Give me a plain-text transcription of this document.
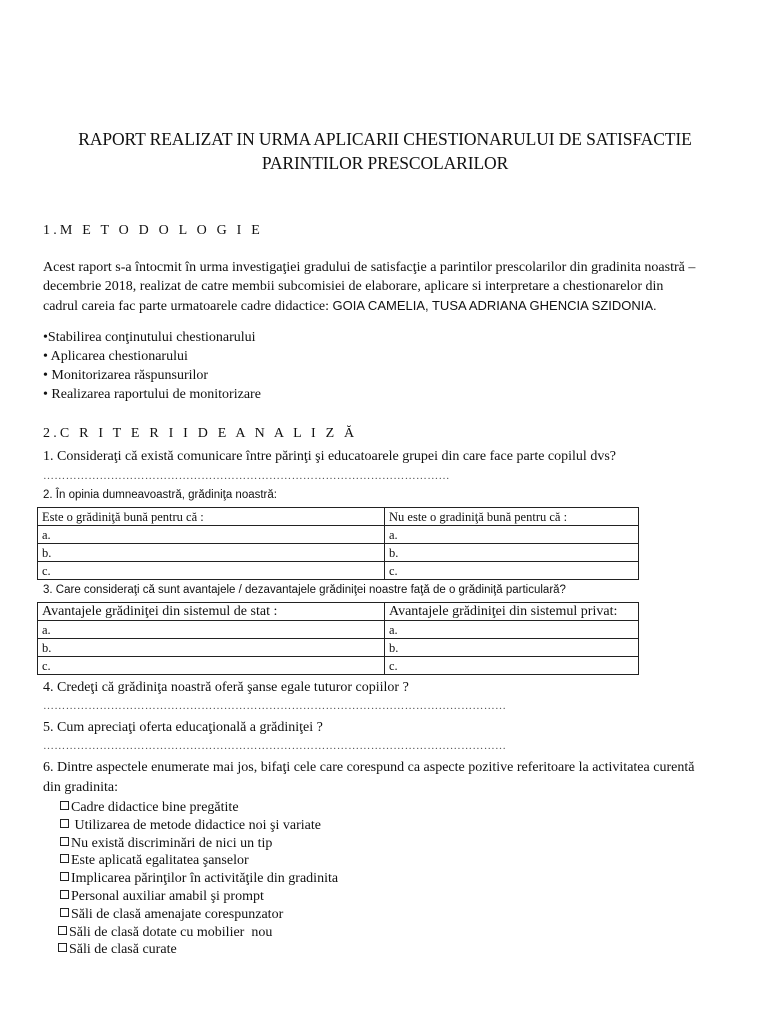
RAPORT REALIZAT IN URMA APLICARII CHESTIONARULUI DE SATISFACTIE
PARINTILOR PRESCOLARILOR
1.M E T O D O L O G I E
Acest raport s-a întocmit în urma investigaţiei gradului de satisfacţie a parintilor prescolarilor din gradinita noastră –
decembrie 2018, realizat de catre membii subcomisiei de elaborare, aplicare si interpretare a chestionarelor din
cadrul careia fac parte urmatoarele cadre didactice: GOIA CAMELIA, TUSA ADRIANA GHENCIA SZIDONIA.
•Stabilirea conţinutului chestionarului
• Aplicarea chestionarului
• Monitorizarea răspunsurilor
• Realizarea raportului de monitorizare
2.C R I T E R I I D E A N A L I Z Ă
1. Consideraţi că există comunicare între părinţi şi educatoarele grupei din care face parte copilul dvs?
………………………………………………………………………………………………
2. În opinia dumneavoastră, grădiniţa noastră:
Este o grădiniţă bună pentru că :	Nu este o gradiniţă bună pentru că :
a.	a.
b.	b.
c.	c.
3. Care consideraţi că sunt avantajele / dezavantajele grădiniţei noastre faţă de o grădiniţă particulară?
Avantajele grădiniţei din sistemul de stat :	Avantajele grădiniţei din sistemul privat:
a.	a.
b.	b.
c.	c.
4. Credeţi că grădiniţa noastră oferă şanse egale tuturor copiilor ?
……………………………………………………………………………………………………………
5. Cum apreciaţi oferta educaţională a grădiniţei ?
……………………………………………………………………………………………………………
6. Dintre aspectele enumerate mai jos, bifaţi cele care corespund ca aspecte pozitive referitoare la activitatea curentă
din gradinita:
Cadre didactice bine pregătite
Utilizarea de metode didactice noi şi variate
Nu există discriminări de nici un tip
Este aplicată egalitatea şanselor
Implicarea părinţilor în activităţile din gradinita
Personal auxiliar amabil şi prompt
Săli de clasă amenajate corespunzator
Săli de clasă dotate cu mobilier  nou
Săli de clasă curate
